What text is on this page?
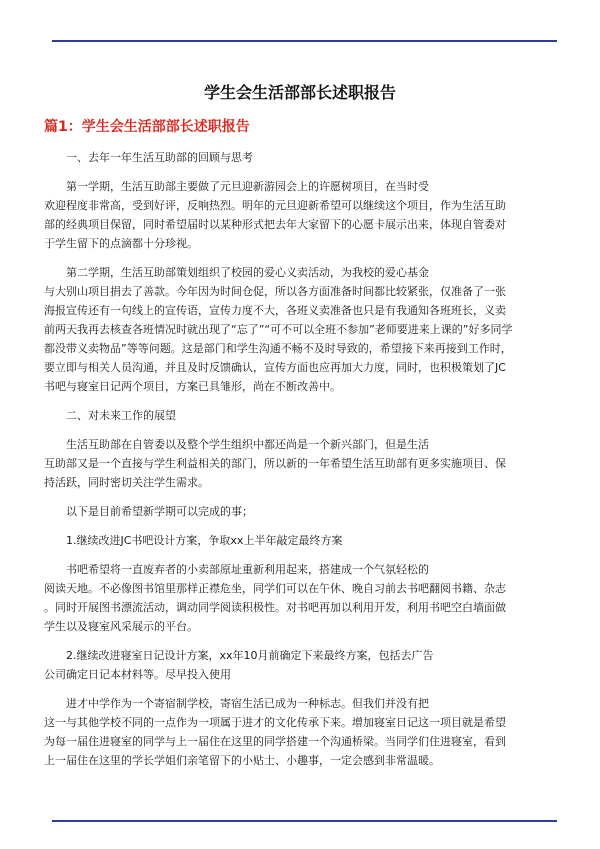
学生会生活部部长述职报告
篇1：学生会生活部部长述职报告

一、去年一年生活互助部的回顾与思考

第一学期，生活互助部主要做了元旦迎新游园会上的许愿树项目，在当时受
欢迎程度非常高，受到好评，反响热烈。明年的元旦迎新希望可以继续这个项目，作为生活互助
部的经典项目保留，同时希望届时以某种形式把去年大家留下的心愿卡展示出来，体现自管委对
于学生留下的点滴都十分珍视。

第二学期，生活互助部策划组织了校园的爱心义卖活动，为我校的爱心基金
与大别山项目捐去了善款。今年因为时间仓促，所以各方面准备时间都比较紧张，仅准备了一张
海报宣传还有一句线上的宣传语，宣传力度不大，各班义卖准备也只是有我通知各班班长，义卖
前两天我再去核查各班情况时就出现了“忘了”“可不可以全班不参加”老师要进来上课的”好多同学
都没带义卖物品”等等问题。这是部门和学生沟通不畅不及时导致的，希望接下来再接到工作时，
要立即与相关人员沟通，并且及时反馈确认，宣传方面也应再加大力度，同时，也积极策划了JC
书吧与寝室日记两个项目，方案已具雏形，尚在不断改善中。

二、对未来工作的展望

生活互助部在自管委以及整个学生组织中都还尚是一个新兴部门，但是生活
互助部又是一个直接与学生利益相关的部门，所以新的一年希望生活互助部有更多实施项目、保
持活跃，同时密切关注学生需求。

以下是目前希望新学期可以完成的事；

1.继续改进JC书吧设计方案，争取xx上半年敲定最终方案

书吧希望将一直废弃者的小卖部原址重新利用起来，搭建成一个气氛轻松的
阅读天地。不必像图书馆里那样正襟危坐，同学们可以在午休、晚自习前去书吧翻阅书籍、杂志
。同时开展图书漂流活动，调动同学阅读积极性。对书吧再加以利用开发，利用书吧空白墙面做
学生以及寝室风采展示的平台。

2.继续改进寝室日记设计方案，xx年10月前确定下来最终方案，包括去广告
公司确定日记本材料等。尽早投入使用

进才中学作为一个寄宿制学校，寄宿生活已成为一种标志。但我们并没有把
这一与其他学校不同的一点作为一项属于进才的文化传承下来。增加寝室日记这一项目就是希望
为每一届住进寝室的同学与上一届住在这里的同学搭建一个沟通桥梁。当同学们住进寝室，看到
上一届住在这里的学长学姐们亲笔留下的小贴士、小趣事，一定会感到非常温暖。
